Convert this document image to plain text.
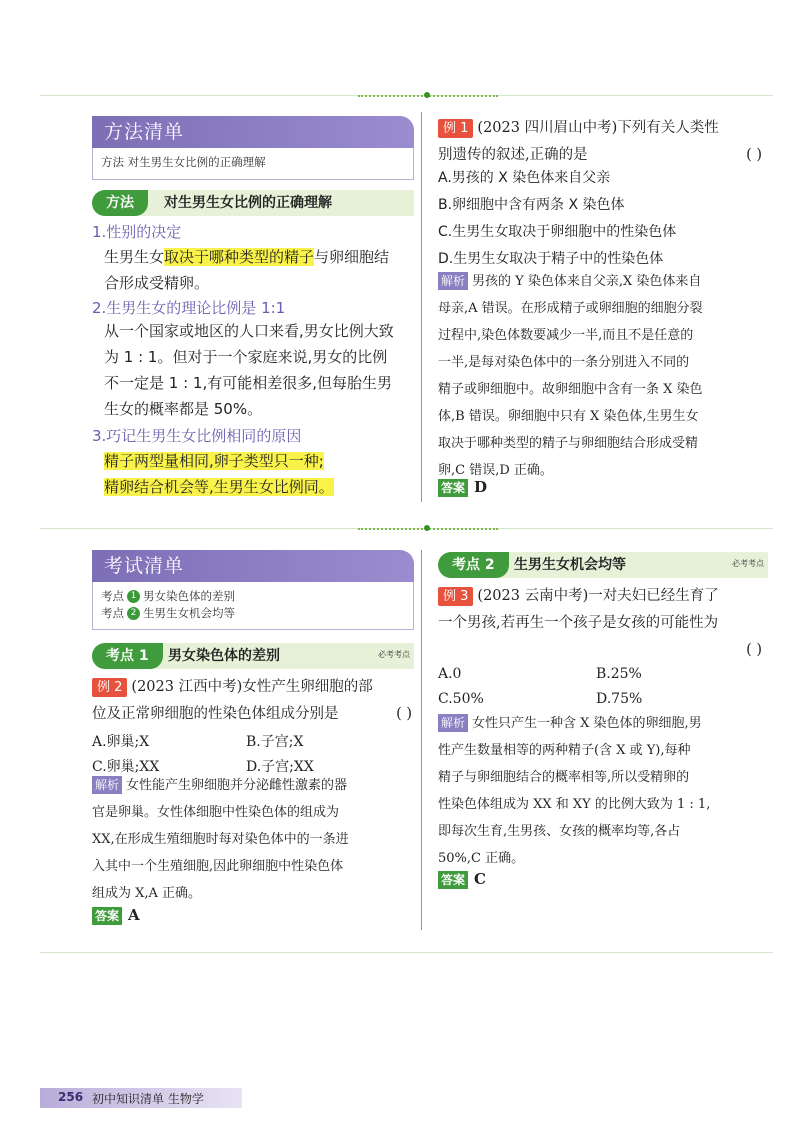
方法清单
方法 对生男生女比例的正确理解
方法	对生男生女比例的正确理解
1.性别的决定
生男生女取决于哪种类型的精子与卵细胞结
合形成受精卵。
2.生男生女的理论比例是 1:1
从一个国家或地区的人口来看,男女比例大致
为 1 : 1。但对于一个家庭来说,男女的比例
不一定是 1 : 1,有可能相差很多,但每胎生男
生女的概率都是 50%。
3.巧记生男生女比例相同的原因
精子两型量相同,卵子类型只一种;
精卵结合机会等,生男生女比例同。
例 1 (2023 四川眉山中考)下列有关人类性
别遗传的叙述,正确的是	( )
A.男孩的 X 染色体来自父亲
B.卵细胞中含有两条 X 染色体
C.生男生女取决于卵细胞中的性染色体
D.生男生女取决于精子中的性染色体
解析 男孩的 Y 染色体来自父亲,X 染色体来自
母亲,A 错误。在形成精子或卵细胞的细胞分裂
过程中,染色体数要减少一半,而且不是任意的
一半,是每对染色体中的一条分别进入不同的
精子或卵细胞中。故卵细胞中含有一条 X 染色
体,B 错误。卵细胞中只有 X 染色体,生男生女
取决于哪种类型的精子与卵细胞结合形成受精
卵,C 错误,D 正确。
答案 D
考试清单
考点 1 男女染色体的差别
考点 2 生男生女机会均等
考点 1	男女染色体的差别	必考考点
例 2 (2023 江西中考)女性产生卵细胞的部
位及正常卵细胞的性染色体组成分别是	( )
A.卵巢;X	B.子宫;X
C.卵巢;XX	D.子宫;XX
解析 女性能产生卵细胞并分泌雌性激素的器
官是卵巢。女性体细胞中性染色体的组成为
XX,在形成生殖细胞时每对染色体中的一条进
入其中一个生殖细胞,因此卵细胞中性染色体
组成为 X,A 正确。
答案 A
考点 2	生男生女机会均等	必考考点
例 3 (2023 云南中考)一对夫妇已经生育了
一个男孩,若再生一个孩子是女孩的可能性为
( )
A.0	B.25%
C.50%	D.75%
解析 女性只产生一种含 X 染色体的卵细胞,男
性产生数量相等的两种精子(含 X 或 Y),每种
精子与卵细胞结合的概率相等,所以受精卵的
性染色体组成为 XX 和 XY 的比例大致为 1 : 1,
即每次生育,生男孩、女孩的概率均等,各占
50%,C 正确。
答案 C
256 初中知识清单 生物学
